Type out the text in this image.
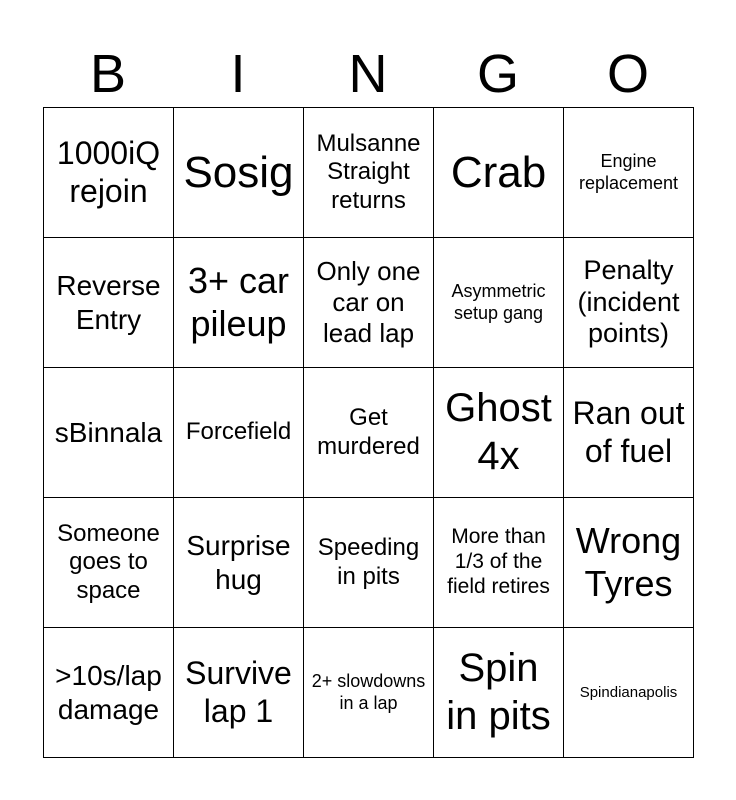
B	I	N	G	O
1000iQ rejoin	Sosig	Mulsanne Straight returns	Crab	Engine replacement
Reverse Entry	3+ car pileup	Only one car on lead lap	Asymmetric setup gang	Penalty (incident points)
sBinnala	Forcefield	Get murdered	Ghost 4x	Ran out of fuel
Someone goes to space	Surprise hug	Speeding in pits	More than 1/3 of the field retires	Wrong Tyres
>10s/lap damage	Survive lap 1	2+ slowdowns in a lap	Spin in pits	Spindianapolis
